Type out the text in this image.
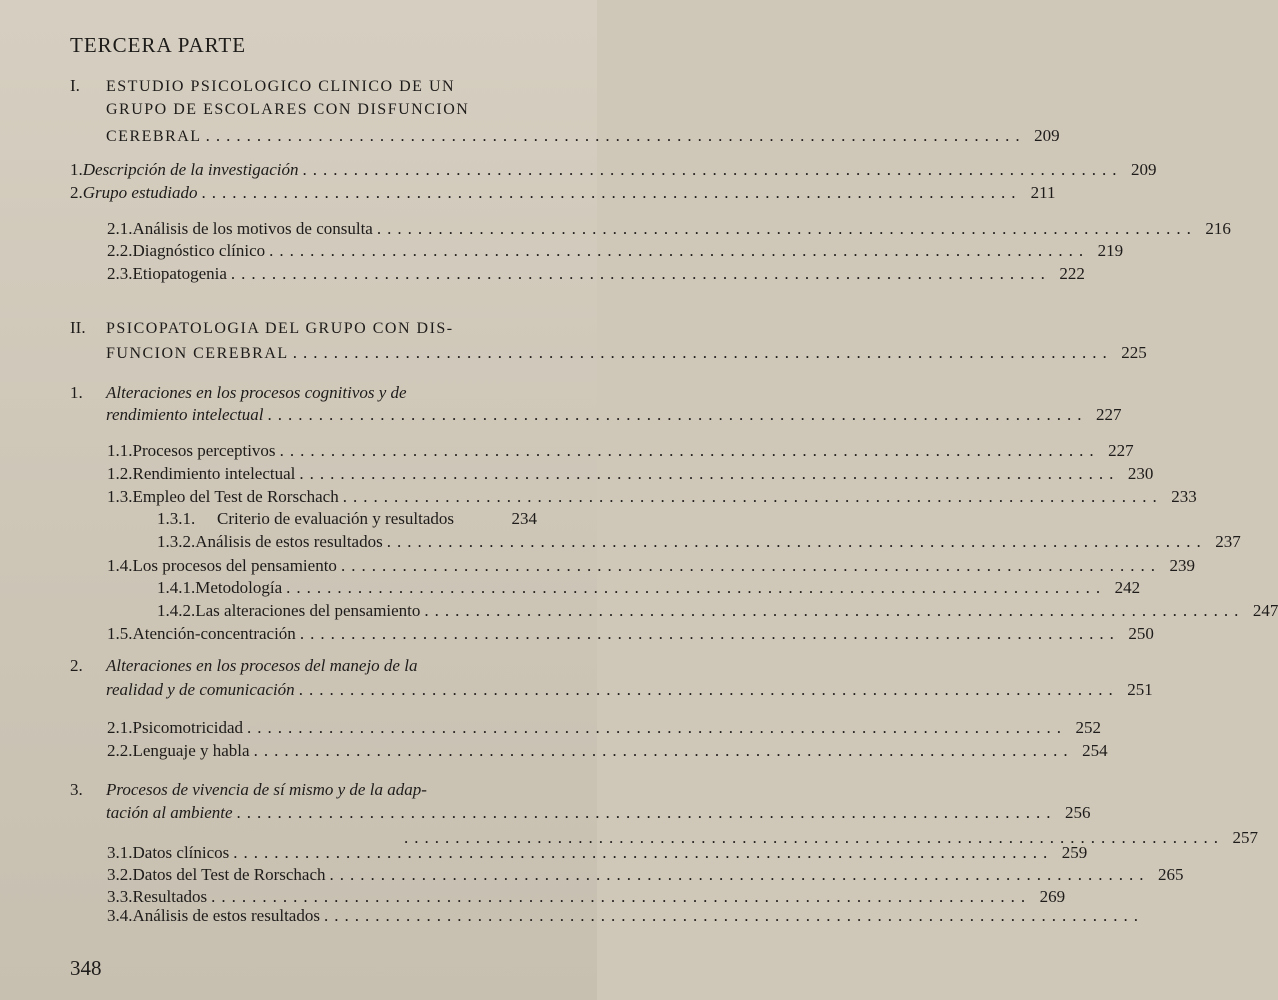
TERCERA PARTE
I.	ESTUDIO PSICOLOGICO CLINICO DE UN
GRUPO DE ESCOLARES CON DISFUNCION
CEREBRAL ................................................................................ 209
1. Descripción de la investigación ................................................................................ 209
2. Grupo estudiado ................................................................................ 211
2.1. Análisis de los motivos de consulta ................................................................................ 216
2.2. Diagnóstico clínico ................................................................................ 219
2.3. Etiopatogenia ................................................................................ 222
II.	PSICOPATOLOGIA DEL GRUPO CON DIS-
FUNCION CEREBRAL ................................................................................ 225
1.	Alteraciones en los procesos cognitivos y de
rendimiento intelectual ................................................................................ 227
1.1. Procesos perceptivos ................................................................................ 227
1.2. Rendimiento intelectual ................................................................................ 230
1.3. Empleo del Test de Rorschach ................................................................................ 233
1.3.1.	Criterio de evaluación y resultados	234
1.3.2. Análisis de estos resultados ................................................................................ 237
1.4. Los procesos del pensamiento ................................................................................ 239
1.4.1. Metodología ................................................................................ 242
1.4.2. Las alteraciones del pensamiento ................................................................................ 247
1.5. Atención-concentración ................................................................................ 250
2.	Alteraciones en los procesos del manejo de la
realidad y de comunicación ................................................................................ 251
2.1. Psicomotricidad ................................................................................ 252
2.2. Lenguaje y habla ................................................................................ 254
3.	Procesos de vivencia de sí mismo y de la adap-
tación al ambiente ................................................................................ 256
................................................................................ 257
3.1. Datos clínicos ................................................................................ 259
3.2. Datos del Test de Rorschach ................................................................................ 265
3.3. Resultados ................................................................................ 269
3.4. Análisis de estos resultados ................................................................................
348
